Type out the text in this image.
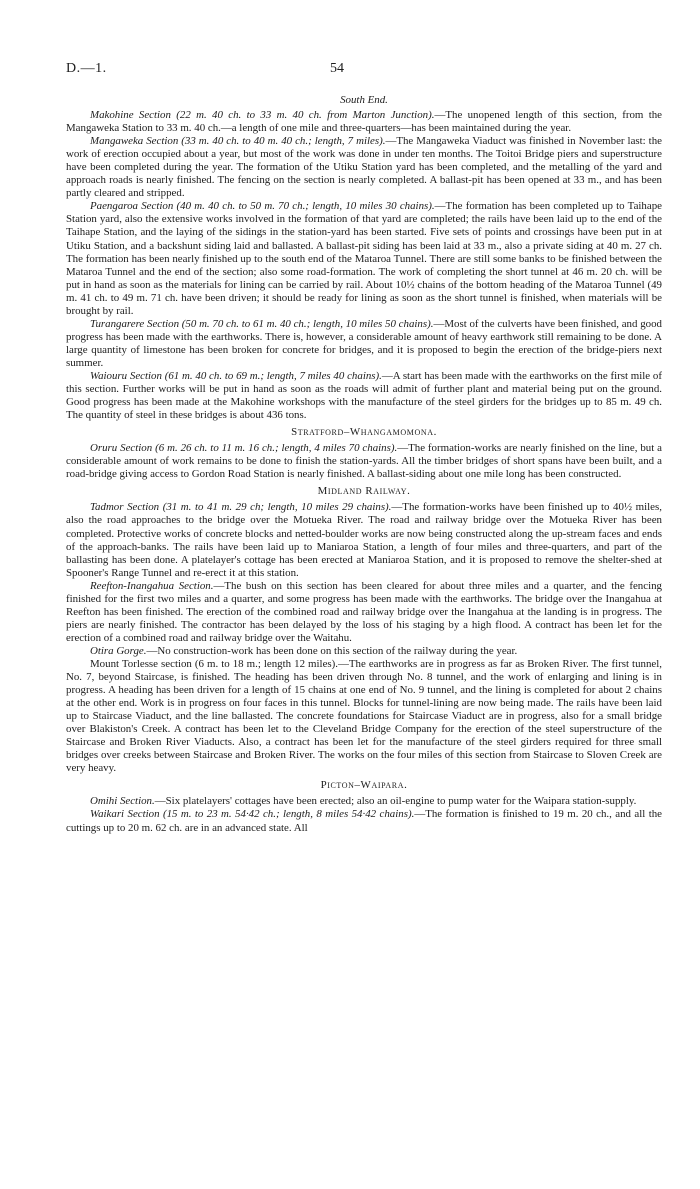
D.—1.	54

South End.

Makohine Section (22 m. 40 ch. to 33 m. 40 ch. from Marton Junction).—The unopened length of this section, from the Mangaweka Station to 33 m. 40 ch.—a length of one mile and three-quarters—has been maintained during the year.

Mangaweka Section (33 m. 40 ch. to 40 m. 40 ch.; length, 7 miles).—The Mangaweka Viaduct was finished in November last: the work of erection occupied about a year, but most of the work was done in under ten months. The Toitoi Bridge piers and superstructure have been completed during the year. The formation of the Utiku Station yard has been completed, and the metalling of the yard and approach roads is nearly finished. The fencing on the section is nearly completed. A ballast-pit has been opened at 33 m., and has been partly cleared and stripped.

Paengaroa Section (40 m. 40 ch. to 50 m. 70 ch.; length, 10 miles 30 chains).—The formation has been completed up to Taihape Station yard, also the extensive works involved in the formation of that yard are completed; the rails have been laid up to the end of the Taihape Station, and the laying of the sidings in the station-yard has been started. Five sets of points and crossings have been put in at Utiku Station, and a backshunt siding laid and ballasted. A ballast-pit siding has been laid at 33 m., also a private siding at 40 m. 27 ch. The formation has been nearly finished up to the south end of the Mataroa Tunnel. There are still some banks to be finished between the Mataroa Tunnel and the end of the section; also some road-formation. The work of completing the short tunnel at 46 m. 20 ch. will be put in hand as soon as the materials for lining can be carried by rail. About 10½ chains of the bottom heading of the Mataroa Tunnel (49 m. 41 ch. to 49 m. 71 ch. have been driven; it should be ready for lining as soon as the short tunnel is finished, when materials will be brought by rail.

Turangarere Section (50 m. 70 ch. to 61 m. 40 ch.; length, 10 miles 50 chains).—Most of the culverts have been finished, and good progress has been made with the earthworks. There is, however, a considerable amount of heavy earthwork still remaining to be done. A large quantity of limestone has been broken for concrete for bridges, and it is proposed to begin the erection of the bridge-piers next summer.

Waiouru Section (61 m. 40 ch. to 69 m.; length, 7 miles 40 chains).—A start has been made with the earthworks on the first mile of this section. Further works will be put in hand as soon as the roads will admit of further plant and material being put on the ground. Good progress has been made at the Makohine workshops with the manufacture of the steel girders for the bridges up to 85 m. 49 ch. The quantity of steel in these bridges is about 436 tons.

Stratford–Whangamomona.

Oruru Section (6 m. 26 ch. to 11 m. 16 ch.; length, 4 miles 70 chains).—The formation-works are nearly finished on the line, but a considerable amount of work remains to be done to finish the station-yards. All the timber bridges of short spans have been built, and a road-bridge giving access to Gordon Road Station is nearly finished. A ballast-siding about one mile long has been constructed.

Midland Railway.

Tadmor Section (31 m. to 41 m. 29 ch; length, 10 miles 29 chains).—The formation-works have been finished up to 40½ miles, also the road approaches to the bridge over the Motueka River. The road and railway bridge over the Motueka River has been completed. Protective works of concrete blocks and netted-boulder works are now being constructed along the up-stream faces and ends of the approach-banks. The rails have been laid up to Maniaroa Station, a length of four miles and three-quarters, and part of the ballasting has been done. A platelayer's cottage has been erected at Maniaroa Station, and it is proposed to remove the shelter-shed at Spooner's Range Tunnel and re-erect it at this station.

Reefton-Inangahua Section.—The bush on this section has been cleared for about three miles and a quarter, and the fencing finished for the first two miles and a quarter, and some progress has been made with the earthworks. The bridge over the Inangahua at Reefton has been finished. The erection of the combined road and railway bridge over the Inangahua at the landing is in progress. The piers are nearly finished. The contractor has been delayed by the loss of his staging by a high flood. A contract has been let for the erection of a combined road and railway bridge over the Waitahu.

Otira Gorge.—No construction-work has been done on this section of the railway during the year.

Mount Torlesse section (6 m. to 18 m.; length 12 miles).—The earthworks are in progress as far as Broken River. The first tunnel, No. 7, beyond Staircase, is finished. The heading has been driven through No. 8 tunnel, and the work of enlarging and lining is in progress. A heading has been driven for a length of 15 chains at one end of No. 9 tunnel, and the lining is completed for about 2 chains at the other end. Work is in progress on four faces in this tunnel. Blocks for tunnel-lining are now being made. The rails have been laid up to Staircase Viaduct, and the line ballasted. The concrete foundations for Staircase Viaduct are in progress, also for a small bridge over Blakiston's Creek. A contract has been let to the Cleveland Bridge Company for the erection of the steel superstructure of the Staircase and Broken River Viaducts. Also, a contract has been let for the manufacture of the steel girders required for three small bridges over creeks between Staircase and Broken River. The works on the four miles of this section from Staircase to Sloven Creek are very heavy.

Picton–Waipara.

Omihi Section.—Six platelayers' cottages have been erected; also an oil-engine to pump water for the Waipara station-supply.

Waikari Section (15 m. to 23 m. 54·42 ch.; length, 8 miles 54·42 chains).—The formation is finished to 19 m. 20 ch., and all the cuttings up to 20 m. 62 ch. are in an advanced state. All
